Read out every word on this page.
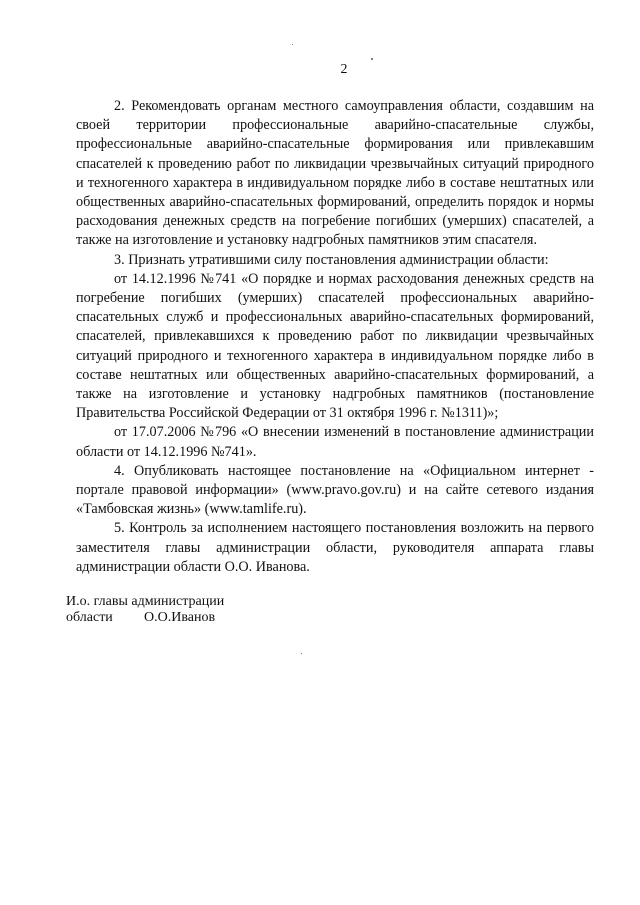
2

2. Рекомендовать органам местного самоуправления области, создавшим на своей территории профессиональные аварийно-спасательные службы, профессиональные аварийно-спасательные формирования или привлекавшим спасателей к проведению работ по ликвидации чрезвычайных ситуаций природного и техногенного характера в индивидуальном порядке либо в составе нештатных или общественных аварийно-спасательных формирований, определить порядок и нормы расходования денежных средств на погребение погибших (умерших) спасателей, а также на изготовление и установку надгробных памятников этим спасателя.

3. Признать утратившими силу постановления администрации области:

от 14.12.1996 №741 «О порядке и нормах расходования денежных средств на погребение погибших (умерших) спасателей профессиональных аварийно-спасательных служб и профессиональных аварийно-спасательных формирований, спасателей, привлекавшихся к проведению работ по ликвидации чрезвычайных ситуаций природного и техногенного характера в индивидуальном порядке либо в составе нештатных или общественных аварийно-спасательных формирований, а также на изготовление и установку надгробных памятников (постановление Правительства Российской Федерации от 31 октября 1996 г. №1311)»;

от 17.07.2006 №796 «О внесении изменений в постановление администрации области от 14.12.1996 №741».

4. Опубликовать настоящее постановление на «Официальном интернет - портале правовой информации» (www.pravo.gov.ru) и на сайте сетевого издания «Тамбовская жизнь» (www.tamlife.ru).

5. Контроль за исполнением настоящего постановления возложить на первого заместителя главы администрации области, руководителя аппарата главы администрации области О.О. Иванова.

И.о. главы администрации
области	О.О.Иванов
